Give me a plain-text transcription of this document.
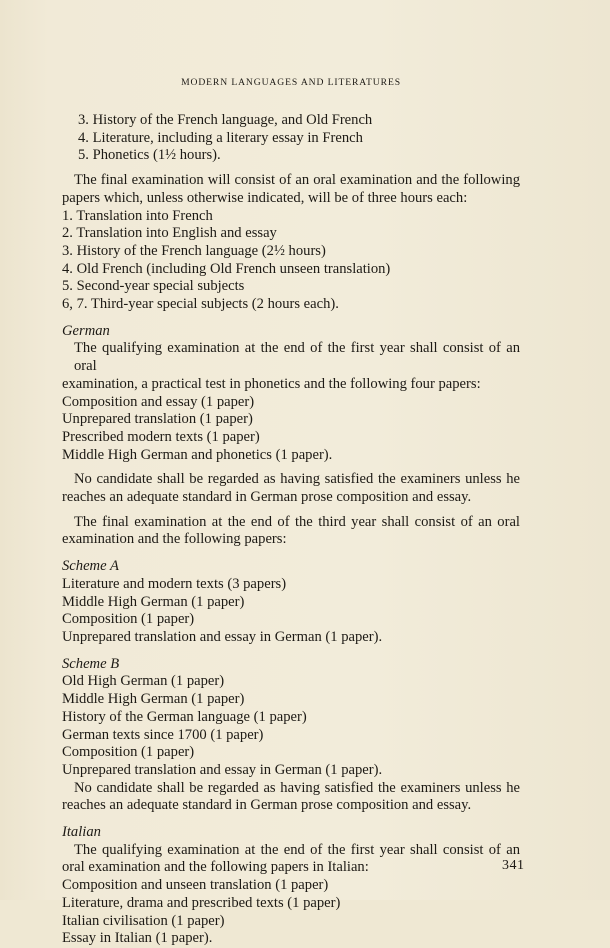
MODERN LANGUAGES AND LITERATURES
3. History of the French language, and Old French
4. Literature, including a literary essay in French
5. Phonetics (1½ hours).
The final examination will consist of an oral examination and the following
papers which, unless otherwise indicated, will be of three hours each:
1. Translation into French
2. Translation into English and essay
3. History of the French language (2½ hours)
4. Old French (including Old French unseen translation)
5. Second-year special subjects
6, 7. Third-year special subjects (2 hours each).
German
The qualifying examination at the end of the first year shall consist of an oral
examination, a practical test in phonetics and the following four papers:
Composition and essay (1 paper)
Unprepared translation (1 paper)
Prescribed modern texts (1 paper)
Middle High German and phonetics (1 paper).
No candidate shall be regarded as having satisfied the examiners unless he
reaches an adequate standard in German prose composition and essay.
The final examination at the end of the third year shall consist of an oral
examination and the following papers:
Scheme A
Literature and modern texts (3 papers)
Middle High German (1 paper)
Composition (1 paper)
Unprepared translation and essay in German (1 paper).
Scheme B
Old High German (1 paper)
Middle High German (1 paper)
History of the German language (1 paper)
German texts since 1700 (1 paper)
Composition (1 paper)
Unprepared translation and essay in German (1 paper).
No candidate shall be regarded as having satisfied the examiners unless he
reaches an adequate standard in German prose composition and essay.
Italian
The qualifying examination at the end of the first year shall consist of an
oral examination and the following papers in Italian:
Composition and unseen translation (1 paper)
Literature, drama and prescribed texts (1 paper)
Italian civilisation (1 paper)
Essay in Italian (1 paper).
341
